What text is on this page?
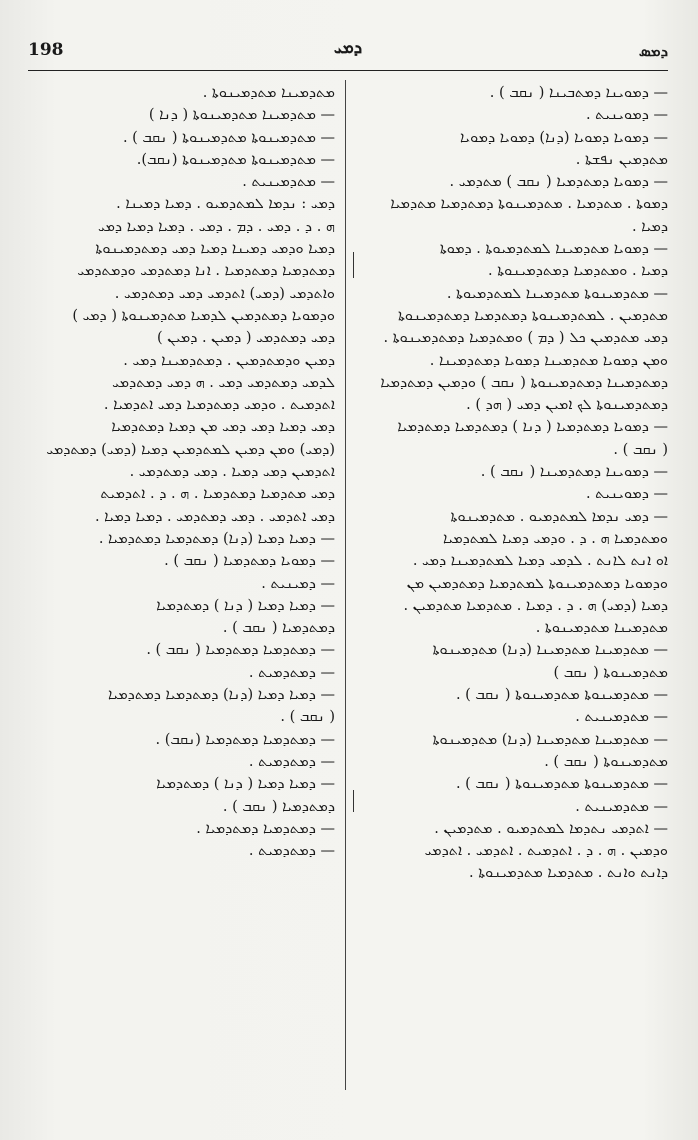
198	ܕܡܝ	ܕܡܣ
— ܕܡܘܝܢܐ ܕܡܬܒܝܢܐ ( ܢܩܒ ) .
— ܕܡܘܝܢܝܬ .
— ܕܡܘܝܐ ܕܡܘܝܐ (ܕܢܐ) ܕܡܘܝܐ ܕܡܘܝܐ
ܡܬܕܡܝܢ ܢܦܫܬܐ .
— ܕܡܘܝܐ ܕܡܬܕܡܝܐ ( ܢܩܒ ) ܡܬܕܡܝ .
ܕܡܘܬܐ . ܡܬܕܡܝܐ . ܡܬܕܡܝܢܘܬܐ ܕܡܬܕܡܝܐ ܡܬܕܡܝܐ
ܕܡܝܐ .
— ܕܡܘܝܐ ܡܬܕܡܝܢܐ ܠܡܬܕܡܝܘܬܐ . ܕܡܘܬܐ
ܕܡܝܐ . ܘܡܬܕܡܝܐ ܕܡܬܕܡܝܢܘܬܐ .
— ܡܬܕܡܝܢܘܬܐ ܡܬܕܡܝܢܐ ܠܡܬܕܡܝܘܬܐ .
ܡܬܕܡܝܢ . ܠܡܬܕܡܝܢܘܬܐ ܕܡܬܕܡܝܐ ܕܡܬܕܡܝܢܘܬܐ
ܕܡܝ ܡܬܕܡܝܢ ܟܠ ( ܕܡ ) ܘܡܬܕܡܝܐ ܕܡܬܕܡܝܢܘܬܐ .
ܘܡܢ ܕܡܘܝܐ ܡܬܕܡܝܢܐ ܕܡܘܝܐ ܕܡܬܕܡܝܢܐ .
ܕܡܬܕܡܝܢܐ ܕܡܬܕܡܝܢܘܬܐ ( ܢܩܒ ) ܘܕܡܝܢ ܕܡܬܕܡܝܐ
ܕܡܬܕܡܝܢܘܬܐ ܠܟ ܐܡܝܢ ܕܡܝ ( ܗܕ ) .
— ܕܡܘܝܐ ܕܡܬܕܡܝܐ ( ܕܢܐ ) ܕܡܬܕܡܝܐ ܕܡܬܕܡܝܐ
( ܢܩܒ ) .
— ܕܡܘܝܢܐ ܕܡܬܕܡܝܢܐ ( ܢܩܒ ) .
— ܕܡܘܝܢܝܬ .
— ܕܡܝ ܢܕܡܐ ܠܡܬܕܡܝܘ . ܡܬܕܡܝܢܘܬܐ
ܘܡܬܕܡܝܐ ܗ . ܕ . ܘܕܡܝ ܕܡܝܐ ܠܡܬܕܡܝܐ
ܐܘ ܐܢܬ ܠܐܢܬ . ܠܕܡܝ ܕܡܝܐ ܠܡܬܕܡܝܢܐ ܕܡܝ .
ܘܕܡܘܝܐ ܕܡܬܕܡܝܢܘܬܐ ܠܡܬܕܡܝܐ ܕܡܬܕܡܝܢ ܡܢ
ܕܡܝܐ (ܕܡܝ) ܗ . ܕ . ܕܡܝܐ . ܡܬܕܡܝܐ ܡܬܕܡܝܢ .
ܡܬܕܡܝܢܐ ܡܬܕܡܝܢܘܬܐ .
— ܡܬܕܡܝܢܐ ܡܬܕܡܝܢܐ (ܕܢܐ) ܡܬܕܡܝܢܘܬܐ
ܡܬܕܡܝܢܘܬܐ ( ܢܩܒ )
— ܡܬܕܡܝܢܘܬܐ ܡܬܕܡܝܢܘܬܐ ( ܢܩܒ ) .
— ܡܬܕܡܝܢܝܬ .
— ܡܬܕܡܝܢܐ ܡܬܕܡܝܢܐ (ܕܢܐ) ܡܬܕܡܝܢܘܬܐ
ܡܬܕܡܝܢܘܬܐ ( ܢܩܒ ) .
— ܡܬܕܡܝܢܘܬܐ ܡܬܕܡܝܢܘܬܐ ( ܢܩܒ ) .
— ܡܬܕܡܝܢܝܬ .
— ܐܬܕܡܝ ܢܬܕܡܐ ܠܡܬܕܡܝܘ . ܡܬܕܡܝܢ .
ܘܕܡܝܢ . ܗ . ܕ . ܐܬܕܡܝܬ . ܐܬܕܡܝ . ܐܬܕܡܝ
ܕܐܢܬ ܘܐܢܬ . ܡܬܕܡܝܐ ܡܬܕܡܝܢܘܬܐ .
ܡܬܕܡܝܢܐ ܡܬܕܡܝܢܘܬܐ .
— ܡܬܕܡܝܢܐ ܡܬܕܡܝܢܘܬܐ ( ܕܢܐ )
— ܡܬܕܡܝܢܘܬܐ ܡܬܕܡܝܢܘܬܐ ( ܢܩܒ ) .
— ܡܬܕܡܝܢܘܬܐ ܡܬܕܡܝܢܘܬܐ (ܢܩܒ).
— ܡܬܕܡܝܢܝܬ .
ܕܡܝ : ܢܕܡܐ ܠܡܬܕܡܝܘ . ܕܡܝܐ ܕܡܝܢܐ .
ܗ . ܕ . ܕܡܝ . ܕܡ . ܕܡܝ . ܕܡܝܐ ܕܡܝܐ ܕܡܝ
ܕܡܝܐ ܘܕܡܝ ܕܡܝܢܐ ܕܡܝܐ ܕܡܝ ܕܡܬܕܡܝܢܘܬܐ
ܕܡܬܕܡܝܐ ܕܡܬܕܡܝܐ . ܐܢܐ ܕܡܬܕܡܝ ܘܕܡܬܕܡܝ
ܘܐܬܕܡܝ (ܕܡܝ) ܐܬܕܡܝ ܕܡܝ ܕܡܬܕܡܝ .
ܘܕܡܘܝܐ ܕܡܬܕܡܝܢ ܠܕܡܝܐ ܡܬܕܡܝܢܘܬܐ ( ܕܡܝ )
ܕܡܝ ܕܡܬܕܡܝ ( ܕܡܝܢ . ܕܡܝܢ )
ܕܡܝܢ ܘܕܡܬܕܡܝܢ . ܕܡܬܕܡܝܢܐ ܕܡܝ .
ܠܕܡܝ ܕܡܬܕܡܝ ܕܡܝ . ܗ ܕܡܝ ܕܡܬܕܡܝ
ܐܬܕܡܝܬ . ܘܕܡܝ ܕܡܬܕܡܝܐ ܕܡܝ ܐܬܕܡܝܐ .
ܕܡܝ ܕܡܝܐ ܕܡܝ ܕܡܝ ܡܢ ܕܡܝܐ ܕܡܬܕܡܝܐ
(ܕܡܝ) ܘܡܢ ܕܡܝܢ ܠܡܬܕܡܝܢ ܕܡܝܐ (ܕܡܝ) ܕܡܬܕܡܝ
ܐܬܕܡܝܢ ܕܡܝ ܕܡܝܐ . ܕܡܝ ܕܡܬܕܡܝ .
ܕܡܝ ܡܬܕܡܝܐ ܕܡܬܕܡܝܐ . ܗ . ܕ . ܐܬܕܡܝܬ
ܕܡܝ ܐܬܕܡܝ . ܕܡܝ ܕܡܬܕܡܝ . ܕܡܝܐ ܕܡܝܐ .
— ܕܡܝܐ ܕܡܝܐ (ܕܢܐ) ܕܡܬܕܡܝܐ ܕܡܬܕܡܝܐ .
— ܕܡܘܝܐ ܕܡܬܕܡܝܐ ( ܢܩܒ ) .
— ܕܡܝܢܝܬ .
— ܕܡܝܐ ܕܡܝܐ ( ܕܢܐ ) ܕܡܬܕܡܝܐ
ܕܡܬܕܡܝܐ ( ܢܩܒ ) .
— ܕܡܬܕܡܝܐ ܕܡܬܕܡܝܐ ( ܢܩܒ ) .
— ܕܡܬܕܡܝܬ .
— ܕܡܝܐ ܕܡܝܐ (ܕܢܐ) ܕܡܬܕܡܝܐ ܕܡܬܕܡܝܐ
( ܢܩܒ ) .
— ܕܡܬܕܡܝܐ ܕܡܬܕܡܝܐ (ܢܩܒ) .
— ܕܡܬܕܡܝܬ .
— ܕܡܝܐ ܕܡܝܐ ( ܕܢܐ ) ܕܡܬܕܡܝܐ
ܕܡܬܕܡܝܐ ( ܢܩܒ ) .
— ܕܡܬܕܡܝܐ ܕܡܬܕܡܝܐ .
— ܕܡܬܕܡܝܬ .
